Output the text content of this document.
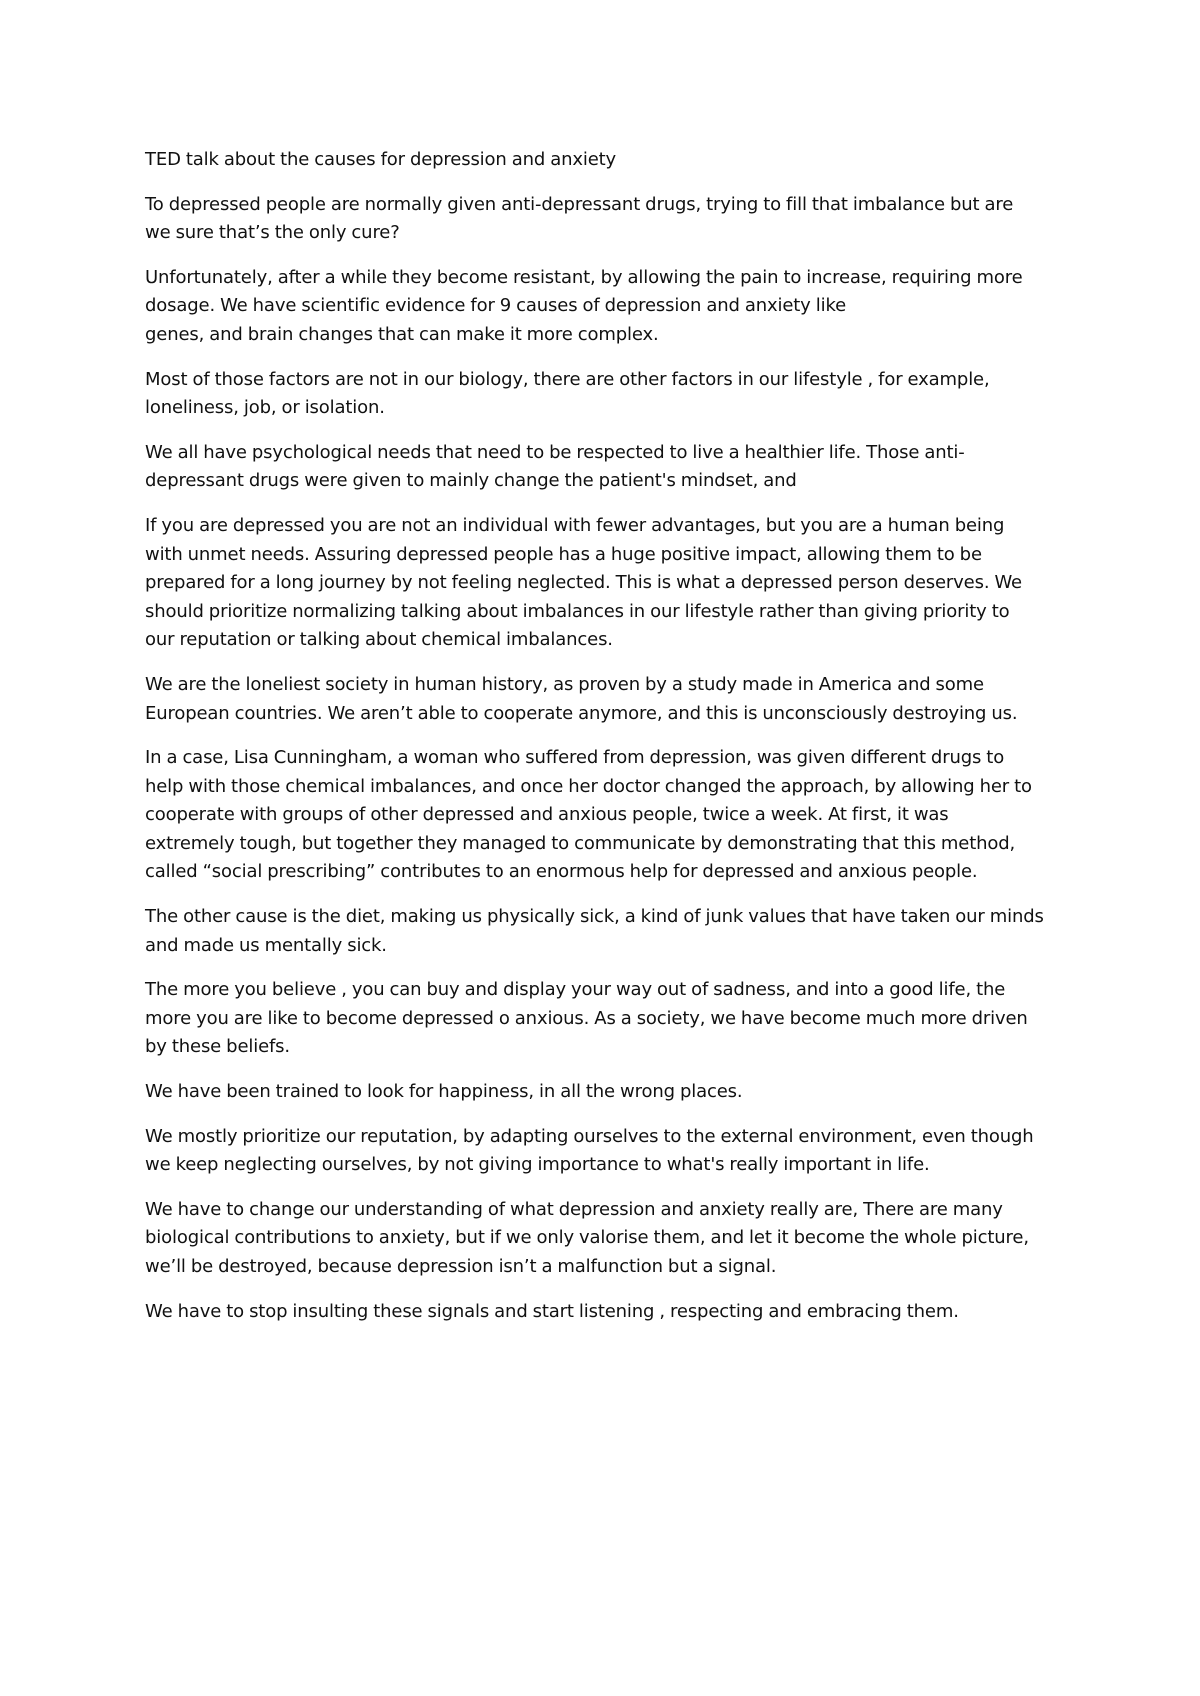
TED talk about the causes for depression and anxiety

To depressed people are normally given anti-depressant drugs, trying to fill that imbalance but are
we sure that’s the only cure?

Unfortunately, after a while they become resistant, by allowing the pain to increase, requiring more
dosage. We have scientific evidence for 9 causes of depression and anxiety like
genes, and brain changes that can make it more complex.

Most of those factors are not in our biology, there are other factors in our lifestyle , for example,
loneliness, job, or isolation.

We all have psychological needs that need to be respected to live a healthier life. Those anti-
depressant drugs were given to mainly change the patient's mindset, and

If you are depressed you are not an individual with fewer advantages, but you are a human being
with unmet needs. Assuring depressed people has a huge positive impact, allowing them to be
prepared for a long journey by not feeling neglected. This is what a depressed person deserves. We
should prioritize normalizing talking about imbalances in our lifestyle rather than giving priority to
our reputation or talking about chemical imbalances.

We are the loneliest society in human history, as proven by a study made in America and some
European countries. We aren’t able to cooperate anymore, and this is unconsciously destroying us.

In a case, Lisa Cunningham, a woman who suffered from depression, was given different drugs to
help with those chemical imbalances, and once her doctor changed the approach, by allowing her to
cooperate with groups of other depressed and anxious people, twice a week. At first, it was
extremely tough, but together they managed to communicate by demonstrating that this method,
called “social prescribing” contributes to an enormous help for depressed and anxious people.

The other cause is the diet, making us physically sick, a kind of junk values that have taken our minds
and made us mentally sick.

The more you believe , you can buy and display your way out of sadness, and into a good life, the
more you are like to become depressed o anxious. As a society, we have become much more driven
by these beliefs.

We have been trained to look for happiness, in all the wrong places.

We mostly prioritize our reputation, by adapting ourselves to the external environment, even though
we keep neglecting ourselves, by not giving importance to what's really important in life.

We have to change our understanding of what depression and anxiety really are, There are many
biological contributions to anxiety, but if we only valorise them, and let it become the whole picture,
we’ll be destroyed, because depression isn’t a malfunction but a signal.

We have to stop insulting these signals and start listening , respecting and embracing them.
